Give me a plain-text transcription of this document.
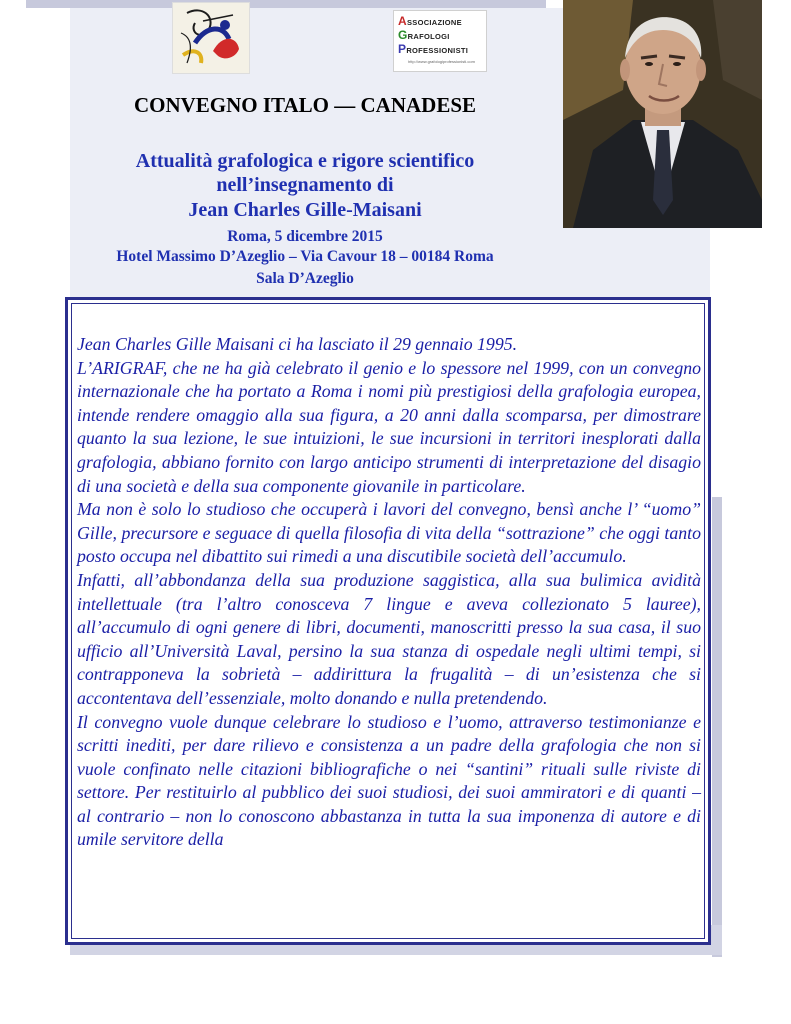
ASSOCIAZIONE
GRAFOLOGI
PROFESSIONISTI
http://www.grafologiprofessionisti.com
CONVEGNO ITALO — CANADESE
Attualità grafologica e rigore scientifico
nell’insegnamento di
Jean Charles Gille-Maisani
Roma, 5 dicembre 2015
Hotel Massimo D’Azeglio – Via Cavour 18 – 00184 Roma
Sala D’Azeglio

Jean Charles Gille Maisani ci ha lasciato il 29 gennaio 1995.
L’ARIGRAF, che ne ha già celebrato il genio e lo spessore nel 1999, con un convegno internazionale che ha portato a Roma i nomi più prestigiosi della grafologia europea, intende rendere omaggio alla sua figura, a 20 anni dalla scomparsa, per dimostrare quanto la sua lezione, le sue intuizioni, le sue incursioni in territori inesplorati dalla grafologia, abbiano fornito con largo anticipo strumenti di interpretazione del disagio di una società e della sua componente giovanile in particolare.
Ma non è solo lo studioso che occuperà i lavori del convegno, bensì anche l’ “uomo” Gille, precursore e seguace di quella filosofia di vita della “sottrazione” che oggi tanto posto occupa nel dibattito sui rimedi a una discutibile società dell’accumulo.
Infatti, all’abbondanza della sua produzione saggistica, alla sua bulimica avidità intellettuale (tra l’altro conosceva 7 lingue e aveva collezionato 5 lauree), all’accumulo di ogni genere di libri, documenti, manoscritti presso la sua casa, il suo ufficio all’Università Laval, persino la sua stanza di ospedale negli ultimi tempi, si contrapponeva la sobrietà – addirittura la frugalità – di un’esistenza che si accontentava dell’essenziale, molto donando e nulla pretendendo.
Il convegno vuole dunque celebrare lo studioso e l’uomo, attraverso testimonianze e scritti inediti, per dare rilievo e consistenza a un padre della grafologia che non si vuole confinato nelle citazioni bibliografiche o nei “santini” rituali sulle riviste di settore. Per restituirlo al pubblico dei suoi studiosi, dei suoi ammiratori e di quanti – al contrario – non lo conoscono abbastanza in tutta la sua imponenza di autore e di umile servitore della
